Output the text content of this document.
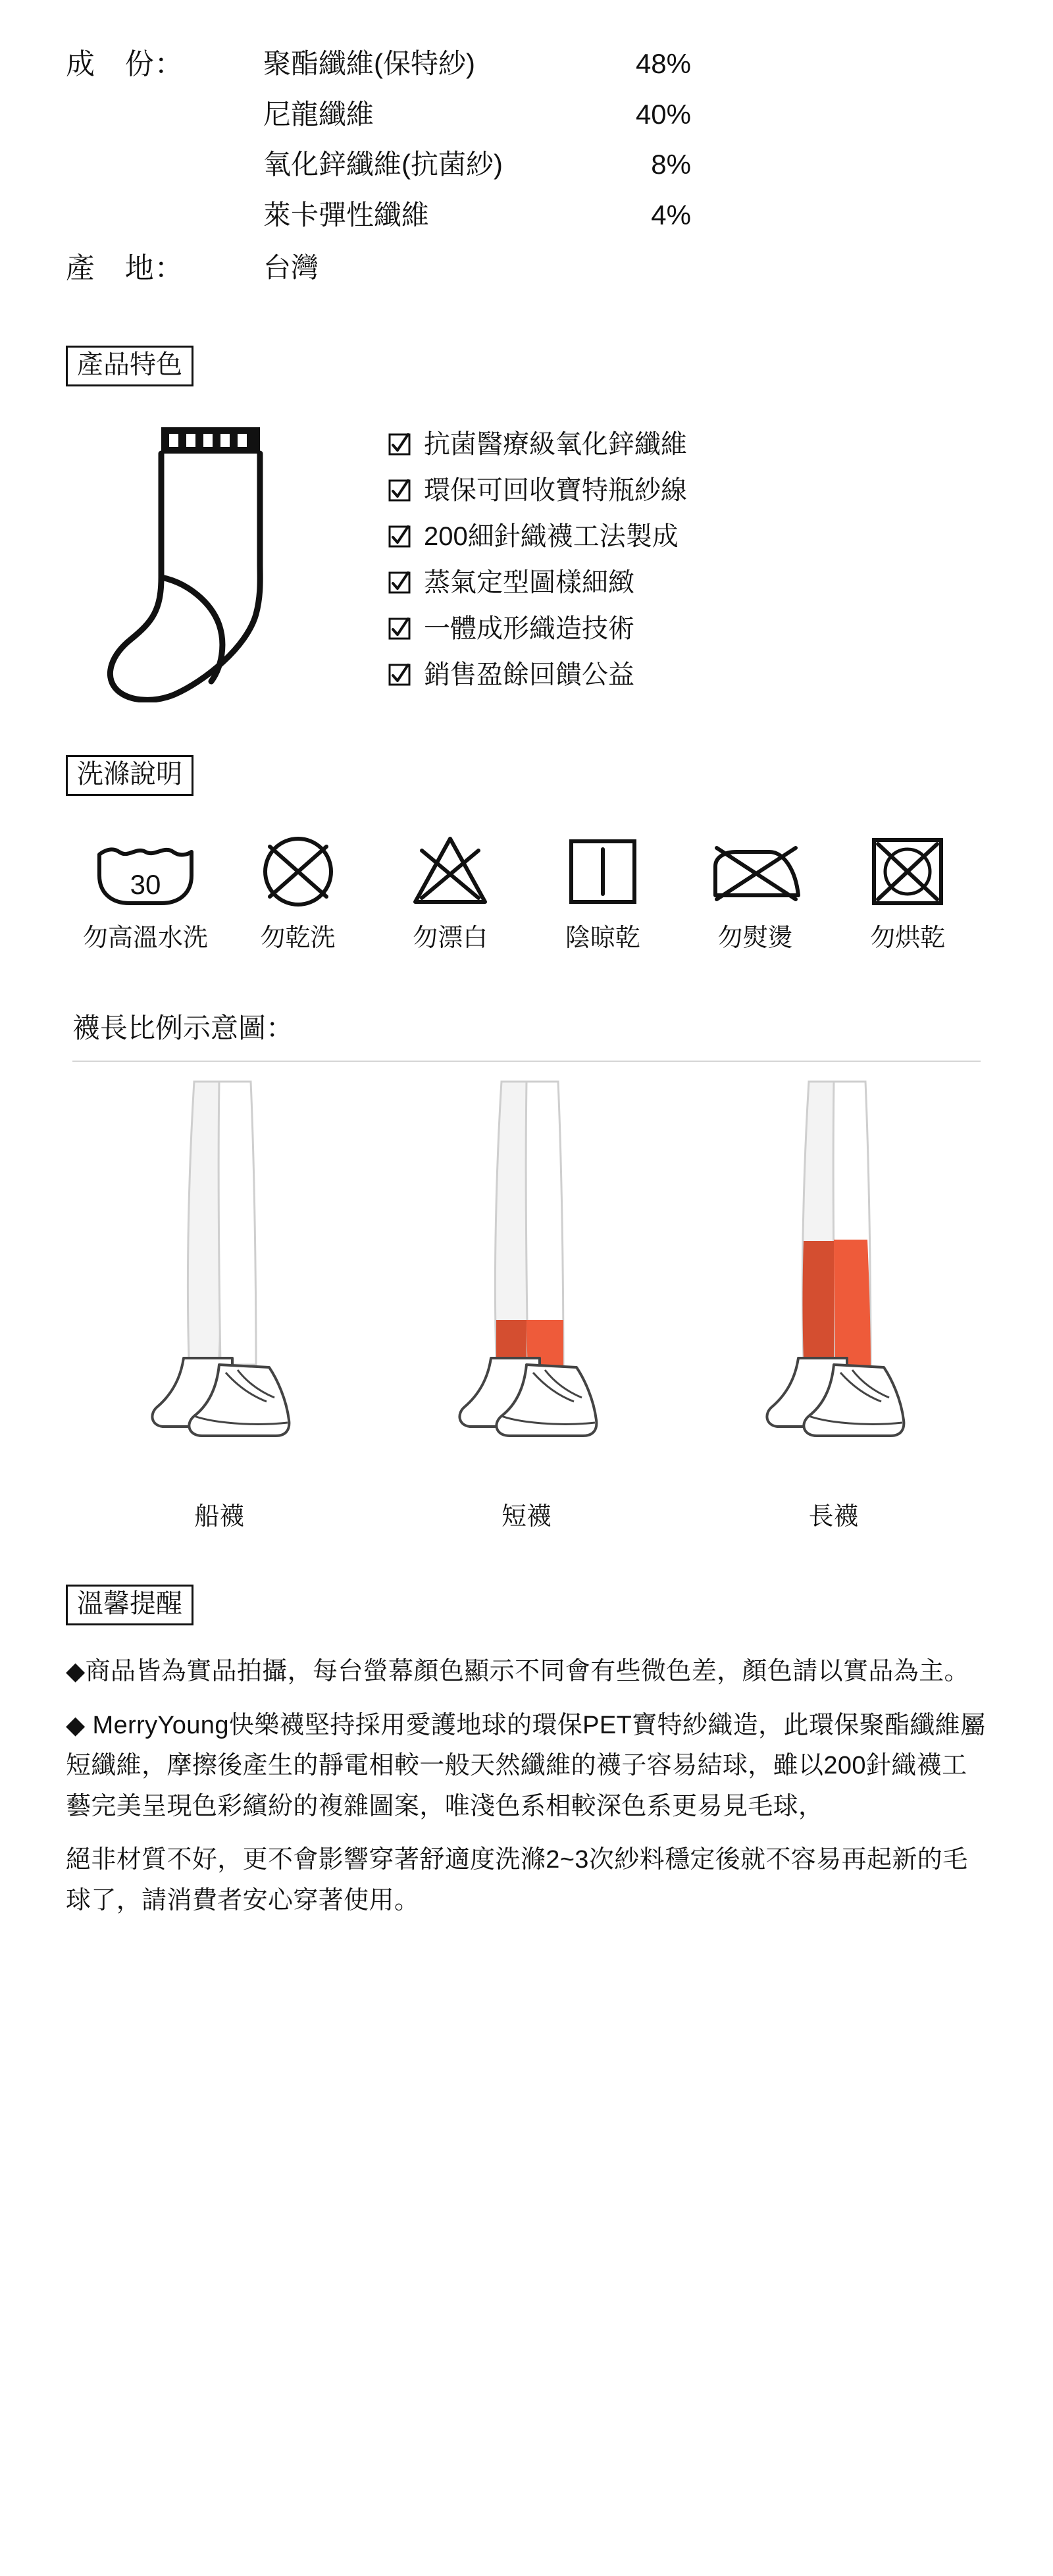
成　份：	聚酯纖維(保特紗)	48%
尼龍纖維	40%
氧化鋅纖維(抗菌紗)	8%
萊卡彈性纖維	4%
產　地：	台灣
產品特色
抗菌醫療級氧化鋅纖維
環保可回收寶特瓶紗線
200細針織襪工法製成
蒸氣定型圖樣細緻
一體成形織造技術
銷售盈餘回饋公益
洗滌說明
30
勿高溫水洗	勿乾洗	勿漂白	陰晾乾	勿熨燙	勿烘乾
襪長比例示意圖：
船襪	短襪	長襪
溫馨提醒

◆商品皆為實品拍攝，每台螢幕顏色顯示不同會有些微色差，顏色請以實品為主。

◆ MerryYoung快樂襪堅持採用愛護地球的環保PET寶特紗織造，此環保聚酯纖維屬短纖維，摩擦後產生的靜電相較一般天然纖維的襪子容易結球，雖以200針織襪工藝完美呈現色彩繽紛的複雜圖案，唯淺色系相較深色系更易見毛球，

絕非材質不好，更不會影響穿著舒適度洗滌2~3次紗料穩定後就不容易再起新的毛球了，請消費者安心穿著使用。
